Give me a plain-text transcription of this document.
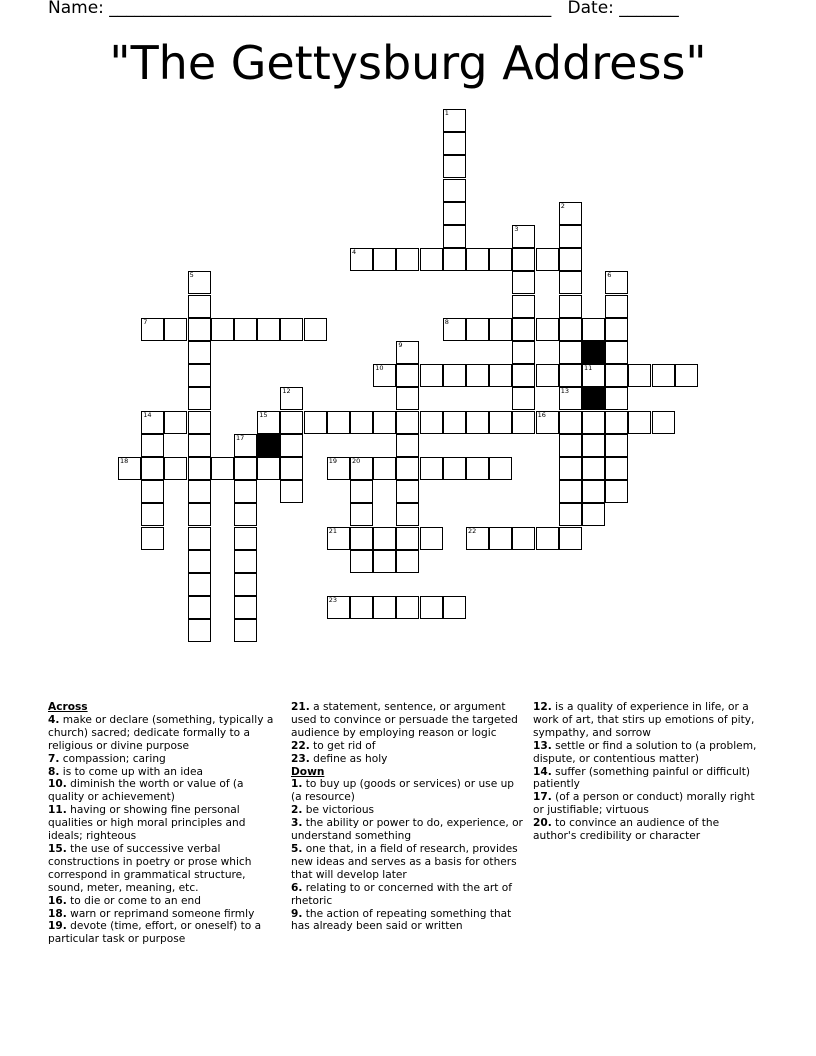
Name: ____________________________________________________ Date: _______
"The Gettysburg Address"
1
2
13
3
4
5	6
7	8
9
10	11
12
14	15	16
17
18	19 20
21	22
23
Across
4. make or declare (something, typically a church) sacred; dedicate formally to a religious or divine purpose
7. compassion; caring
8. is to come up with an idea
10. diminish the worth or value of (a quality or achievement)
11. having or showing fine personal qualities or high moral principles and ideals; righteous
15. the use of successive verbal constructions in poetry or prose which correspond in grammatical structure, sound, meter, meaning, etc.
16. to die or come to an end
18. warn or reprimand someone firmly
19. devote (time, effort, or oneself) to a particular task or purpose
21. a statement, sentence, or argument used to convince or persuade the targeted audience by employing reason or logic
22. to get rid of
23. define as holy
Down
1. to buy up (goods or services) or use up (a resource)
2. be victorious
3. the ability or power to do, experience, or understand something
5. one that, in a field of research, provides new ideas and serves as a basis for others that will develop later
6. relating to or concerned with the art of rhetoric
9. the action of repeating something that has already been said or written
12. is a quality of experience in life, or a work of art, that stirs up emotions of pity, sympathy, and sorrow
13. settle or find a solution to (a problem, dispute, or contentious matter)
14. suffer (something painful or difficult) patiently
17. (of a person or conduct) morally right or justifiable; virtuous
20. to convince an audience of the author's credibility or character
